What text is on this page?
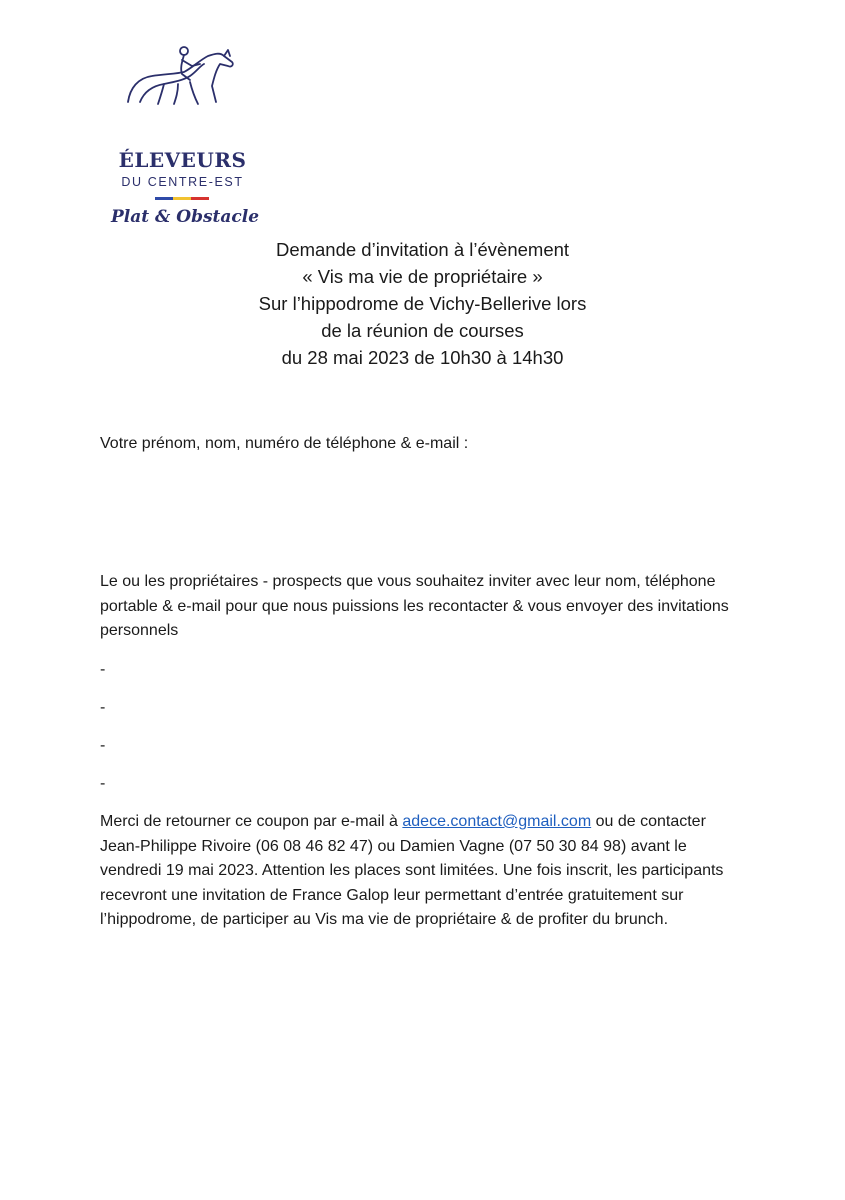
ÉLEVEURS
DU CENTRE-EST
Plat & Obstacle
Demande d’invitation à l’évènement
« Vis ma vie de propriétaire »
Sur l’hippodrome de Vichy-Bellerive lors
de la réunion de courses
du 28 mai 2023 de 10h30 à 14h30
Votre prénom, nom, numéro de téléphone & e-mail :
Le ou les propriétaires - prospects que vous souhaitez inviter avec leur nom, téléphone portable & e-mail pour que nous puissions les recontacter & vous envoyer des invitations personnels
-
-
-
-
Merci de retourner ce coupon par e-mail à adece.contact@gmail.com ou de contacter Jean-Philippe Rivoire (06 08 46 82 47) ou Damien Vagne (07 50 30 84 98) avant le vendredi 19 mai 2023. Attention les places sont limitées. Une fois inscrit, les participants recevront une invitation de France Galop leur permettant d’entrée gratuitement sur l’hippodrome, de participer au Vis ma vie de propriétaire & de profiter du brunch.
